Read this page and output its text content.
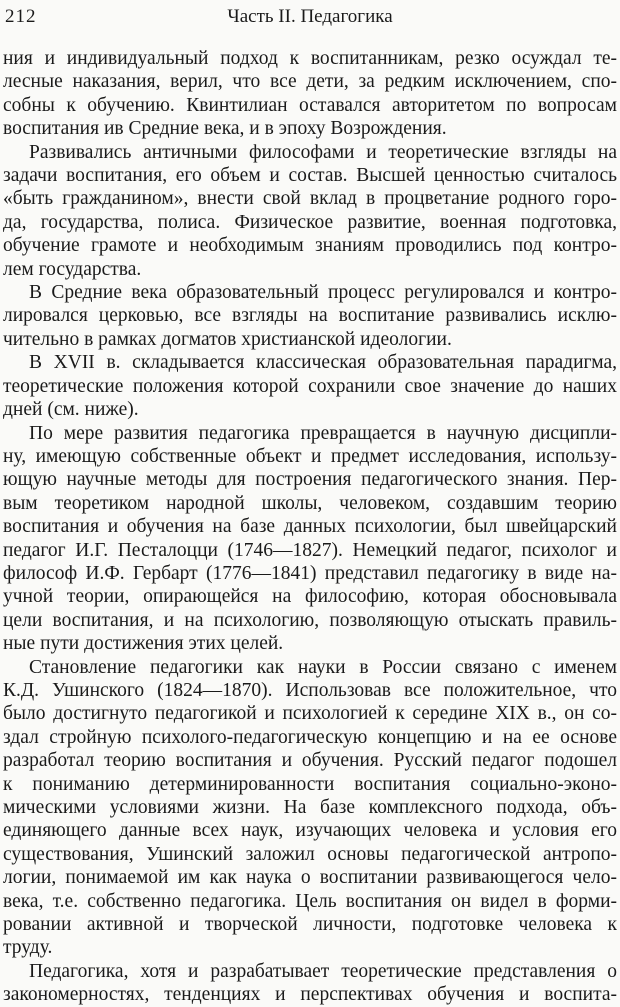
212	Часть II. Педагогика
ния и индивидуальный подход к воспитанникам, резко осуждал те-
лесные наказания, верил, что все дети, за редким исключением, спо-
собны к обучению. Квинтилиан оставался авторитетом по вопросам
воспитания ив Средние века, и в эпоху Возрождения.
Развивались античными философами и теоретические взгляды на
задачи воспитания, его объем и состав. Высшей ценностью считалось
«быть гражданином», внести свой вклад в процветание родного горо-
да, государства, полиса. Физическое развитие, военная подготовка,
обучение грамоте и необходимым знаниям проводились под контро-
лем государства.
В Средние века образовательный процесс регулировался и контро-
лировался церковью, все взгляды на воспитание развивались исклю-
чительно в рамках догматов христианской идеологии.
В XVII в. складывается классическая образовательная парадигма,
теоретические положения которой сохранили свое значение до наших
дней (см. ниже).
По мере развития педагогика превращается в научную дисципли-
ну, имеющую собственные объект и предмет исследования, использу-
ющую научные методы для построения педагогического знания. Пер-
вым теоретиком народной школы, человеком, создавшим теорию
воспитания и обучения на базе данных психологии, был швейцарский
педагог И.Г. Песталоцци (1746—1827). Немецкий педагог, психолог и
философ И.Ф. Гербарт (1776—1841) представил педагогику в виде на-
учной теории, опирающейся на философию, которая обосновывала
цели воспитания, и на психологию, позволяющую отыскать правиль-
ные пути достижения этих целей.
Становление педагогики как науки в России связано с именем
К.Д. Ушинского (1824—1870). Использовав все положительное, что
было достигнуто педагогикой и психологией к середине XIX в., он со-
здал стройную психолого-педагогическую концепцию и на ее основе
разработал теорию воспитания и обучения. Русский педагог подошел
к пониманию детерминированности воспитания социально-эконо-
мическими условиями жизни. На базе комплексного подхода, объ-
единяющего данные всех наук, изучающих человека и условия его
существования, Ушинский заложил основы педагогической антропо-
логии, понимаемой им как наука о воспитании развивающегося чело-
века, т.е. собственно педагогика. Цель воспитания он видел в форми-
ровании активной и творческой личности, подготовке человека к
труду.
Педагогика, хотя и разрабатывает теоретические представления о
закономерностях, тенденциях и перспективах обучения и воспита-
